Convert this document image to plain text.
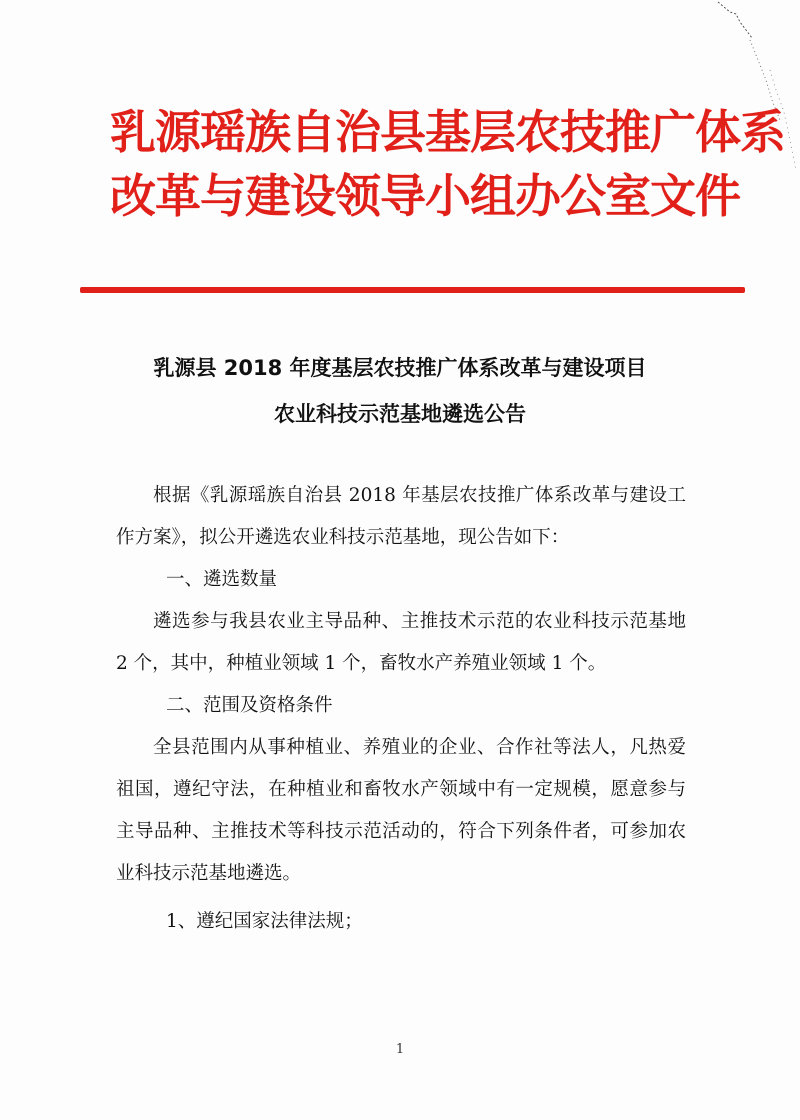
乳源瑶族自治县基层农技推广体系
改革与建设领导小组办公室文件
乳源县 2018 年度基层农技推广体系改革与建设项目
农业科技示范基地遴选公告

根据《乳源瑶族自治县 2018 年基层农技推广体系改革与建设工作方案》，拟公开遴选农业科技示范基地，现公告如下：

一、遴选数量

遴选参与我县农业主导品种、主推技术示范的农业科技示范基地 2 个，其中，种植业领域 1 个，畜牧水产养殖业领域 1 个。

二、范围及资格条件

全县范围内从事种植业、养殖业的企业、合作社等法人，凡热爱祖国，遵纪守法，在种植业和畜牧水产领域中有一定规模，愿意参与主导品种、主推技术等科技示范活动的，符合下列条件者，可参加农业科技示范基地遴选。

1、遵纪国家法律法规；

1
